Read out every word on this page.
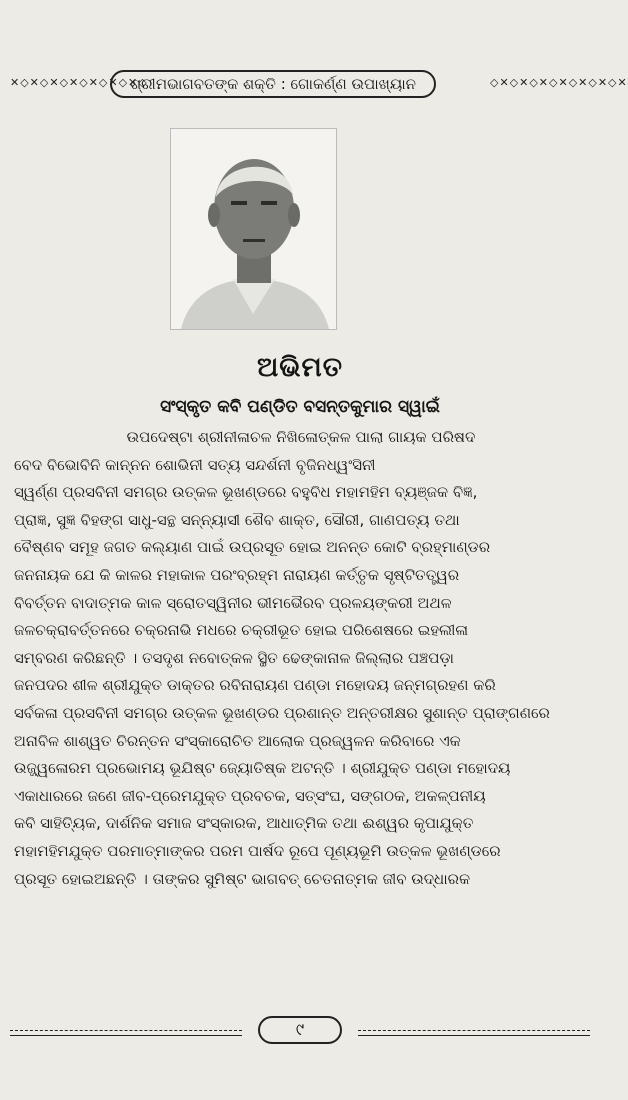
✕◇✕◇✕◇✕◇✕◇✕◇✕◇
ଶ୍ରୀମଭାଗବତଙ୍କ ଶକ୍ତି : ଗୋକର୍ଣ୍ଣ ଉପାଖ୍ୟାନ	◇✕◇✕◇✕◇✕◇✕◇✕◇✕
ଅଭିମତ
ସଂସ୍କୃତ କବି ପଣ୍ଡିତ ବସନ୍ତକୁମାର ସ୍ୱାଇଁ
ଉପଦେଷ୍ଟା ଶ୍ରୀନୀଳାଚଳ ନିଖିଳୋତ୍କଳ ପାଲା ଗାୟକ ପରିଷଦ
ବେଦ ବିଭୋବିନି କାନ୍ନନ ଶୋଭିନୀ ସତ୍ୟ ସନ୍ଦର୍ଶନୀ ବୃଜିନଧ୍ୱଂସିନୀ
ସ୍ୱର୍ଣ୍ଣ ପ୍ରସବିନୀ ସମଗ୍ର ଉତ୍କଳ ଭୂଖଣ୍ଡରେ ବହୁବିଧ ମହାମହିମ ବ୍ୟଞ୍ଜକ ବିଜ୍ଞ,
ପ୍ରାଜ୍ଞ, ସୁଜ୍ଞ ବିହଙ୍ଗ ସାଧୁ-ସନ୍ଥ ସନ୍ନ୍ୟାସୀ ଶୈବ ଶାକ୍ତ, ସୌରୀ, ଗାଣପତ୍ୟ ତଥା
ବୈଷ୍ଣବ ସମୂହ ଜଗତ କଲ୍ୟାଣ ପାଇଁ ଉପ୍ରସୂତ ହୋଇ ଅନନ୍ତ କୋଟି ବ୍ରହ୍ମାଣ୍ଡର
ଜନନାୟକ ଯେ କି କାଳର ମହାକାଳ ପରଂବ୍ରହ୍ମ ନାରାୟଣ କର୍ତ୍ତୃକ ସୃଷ୍ଟିତତ୍ତ୍ୱର
ବିବର୍ତ୍ତନ ବାଦାତ୍ମକ କାଳ ସ୍ରୋତସ୍ୱିନୀର ଭୀମଭୈରବ ପ୍ରଳୟଙ୍କରୀ ଅଥଳ
ଜଳଚକ୍ରାବର୍ତ୍ତନରେ ଚକ୍ରନାଭି ମଧରେ ଚକ୍ରୀଭୂତ ହୋଇ ପରିଶେଷରେ ଇହଲୀଳା
ସମ୍ବରଣ କରିଛନ୍ତି । ତସଦୃଶ ନବୋତ୍କଳ ସ୍ଥିତ ଢେଙ୍କାନାଳ ଜିଲ୍ଲାର ପଞ୍ଚପଡ଼ା
ଜନପଦର ଶୀଳ ଶ୍ରୀଯୁକ୍ତ ଡାକ୍ତର ରବିନାରାୟଣ ପଣ୍ଡା ମହୋଦୟ ଜନ୍ମଗ୍ରହଣ କରି
ସର୍ବକଳା ପ୍ରସବିନୀ ସମଗ୍ର ଉତ୍କଳ ଭୂଖଣ୍ଡର ପ୍ରଶାନ୍ତ ଅନ୍ତରୀକ୍ଷର ସୁଶାନ୍ତ ପ୍ରାଙ୍ଗଣରେ
ଅନାବିଳ ଶାଶ୍ୱତ ଚିରନ୍ତନ ସଂସ୍କାରୋଚିତ ଆଲୋକ ପ୍ରଜ୍ୱଳନ କରିବାରେ ଏକ
ଉଜ୍ଜ୍ୱଳୋରମ ପ୍ରଭୋମୟ ଭୂଯିଷ୍ଟ ଜ୍ୟୋତିଷ୍କ ଅଟନ୍ତି । ଶ୍ରୀଯୁକ୍ତ ପଣ୍ଡା ମହୋଦୟ
ଏକାଧାରରେ ଜଣେ ଜୀବ-ପ୍ରେମଯୁକ୍ତ ପ୍ରବଚକ, ସତ୍‌ସଂଘ, ସଙ୍ଗଠକ, ଅକଳ୍ପନୀୟ
କବି ସାହିତ୍ୟିକ, ଦାର୍ଶନିକ ସମାଜ ସଂସ୍କାରକ, ଆଧାତ୍ମିକ ତଥା ଈଶ୍ୱର କୃପାଯୁକ୍ତ
ମହାମହିମଯୁକ୍ତ ପରମାତ୍ମାଙ୍କର ପରମ ପାର୍ଷଦ ରୂପେ ପୂଣ୍ୟଭୂମି ଉତ୍କଳ ଭୂଖଣ୍ଡରେ
ପ୍ରସୂତ ହୋଇଅଛନ୍ତି । ତାଙ୍କର ସୁମିଷ୍ଟ ଭାଗବତ୍ ଚେତନାତ୍ମକ ଜୀବ ଉଦ୍ଧାରକ
୯
